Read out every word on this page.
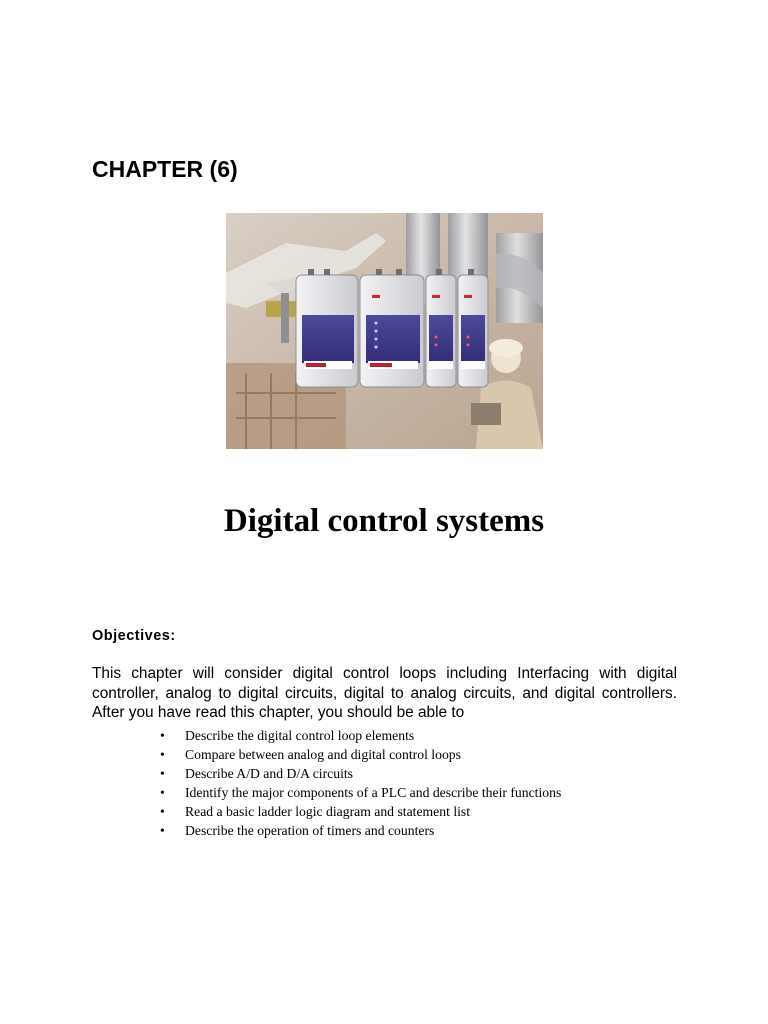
CHAPTER (6)
Digital control systems
Objectives:

This chapter will consider digital control loops including Interfacing with digital controller, analog to digital circuits, digital to analog circuits, and digital controllers. After you have read this chapter, you should be able to

• Describe the digital control loop elements
• Compare between analog and digital control loops
• Describe A/D and D/A circuits
• Identify the major components of a PLC and describe their functions
• Read a basic ladder logic diagram and statement list
• Describe the operation of timers and counters
